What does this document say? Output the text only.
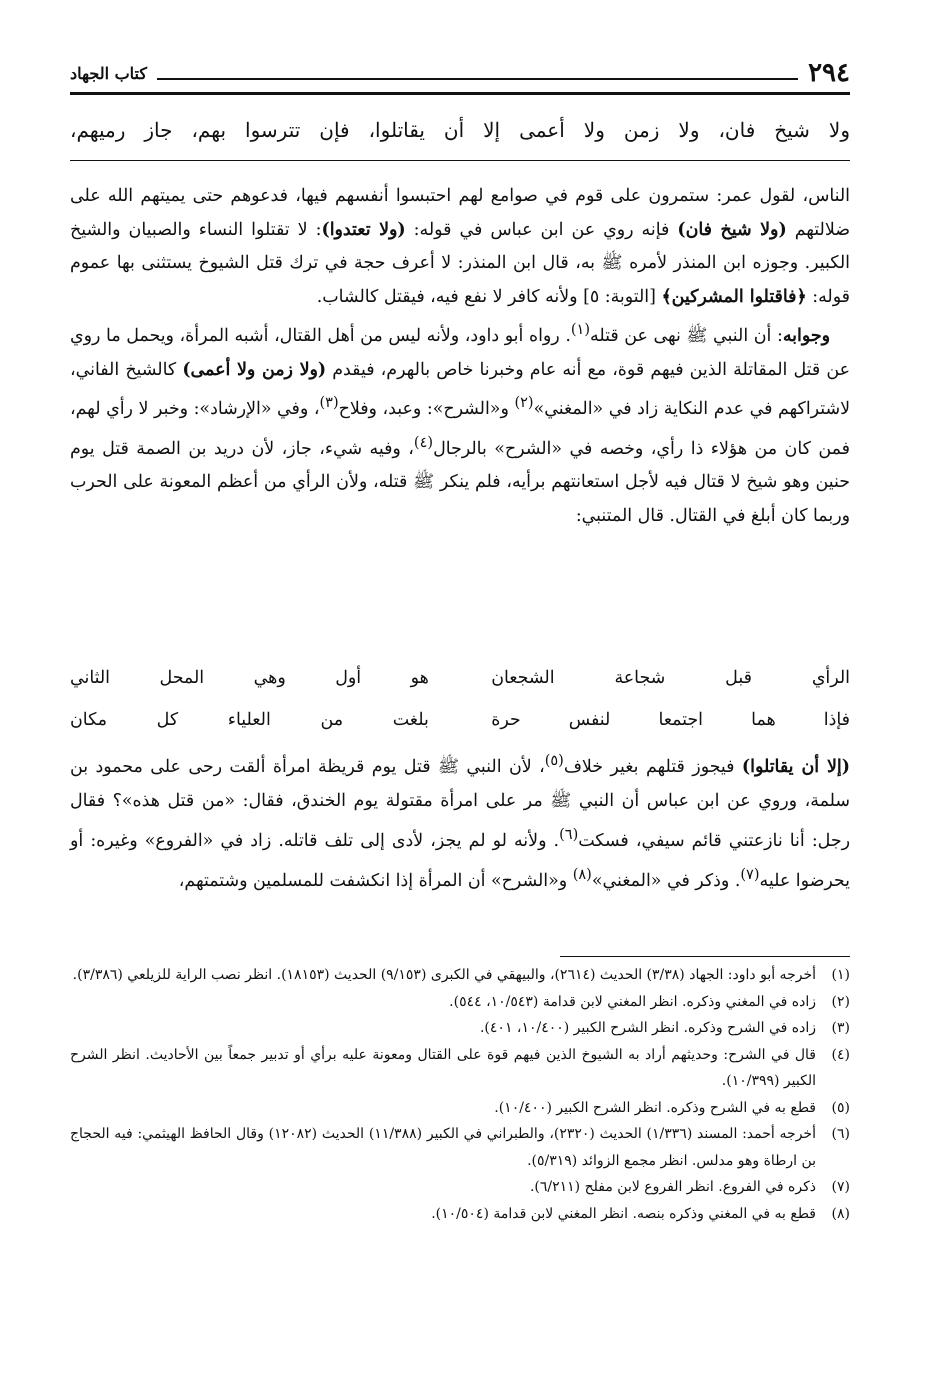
٢٩٤
كتاب الجهاد
ولا شيخ فان، ولا زمن ولا أعمى إلا أن يقاتلوا، فإن تترسوا بهم، جاز رميهم،

الناس، لقول عمر: ستمرون على قوم في صوامع لهم احتبسوا أنفسهم فيها، فدعوهم حتى يميتهم الله على ضلالتهم (ولا شيخ فان) فإنه روي عن ابن عباس في قوله: (ولا تعتدوا): لا تقتلوا النساء والصبيان والشيخ الكبير. وجوزه ابن المنذر لأمره ﷺ به، قال ابن المنذر: لا أعرف حجة في ترك قتل الشيوخ يستثنى بها عموم قوله: ﴿فاقتلوا المشركين﴾ [التوبة: ٥] ولأنه كافر لا نفع فيه، فيقتل كالشاب.

وجوابه: أن النبي ﷺ نهى عن قتله$^{(١)}$. رواه أبو داود، ولأنه ليس من أهل القتال، أشبه المرأة، ويحمل ما روي عن قتل المقاتلة الذين فيهم قوة، مع أنه عام وخبرنا خاص بالهرم، فيقدم (ولا زمن ولا أعمى) كالشيخ الفاني، لاشتراكهم في عدم النكاية زاد في «المغني»$^{(٢)}$ و«الشرح»: وعبد، وفلاح$^{(٣)}$، وفي «الإرشاد»: وخبر لا رأي لهم، فمن كان من هؤلاء ذا رأي، وخصه في «الشرح» بالرجال$^{(٤)}$، وفيه شيء، جاز، لأن دريد بن الصمة قتل يوم حنين وهو شيخ لا قتال فيه لأجل استعانتهم برأيه، فلم ينكر ﷺ قتله، ولأن الرأي من أعظم المعونة على الحرب وربما كان أبلغ في القتال. قال المتنبي:

الرأي قبل شجاعة الشجعان
هو أول وهي المحل الثاني
فإذا هما اجتمعا لنفس حرة
بلغت من العلياء كل مكان

(إلا أن يقاتلوا) فيجوز قتلهم بغير خلاف$^{(٥)}$، لأن النبي ﷺ قتل يوم قريظة امرأة ألقت رحى على محمود بن سلمة، وروي عن ابن عباس أن النبي ﷺ مر على امرأة مقتولة يوم الخندق، فقال: «من قتل هذه»؟ فقال رجل: أنا نازعتني قائم سيفي، فسكت$^{(٦)}$. ولأنه لو لم يجز، لأدى إلى تلف قاتله. زاد في «الفروع» وغيره: أو يحرضوا عليه$^{(٧)}$. وذكر في «المغني»$^{(٨)}$ و«الشرح» أن المرأة إذا انكشفت للمسلمين وشتمتهم،

(١)
أخرجه أبو داود: الجهاد (٣/٣٨) الحديث (٢٦١٤)، والبيهقي في الكبرى (٩/١٥٣) الحديث (١٨١٥٣). انظر نصب الراية للزيلعي (٣/٣٨٦).
(٢)
زاده في المغني وذكره. انظر المغني لابن قدامة (١٠/٥٤٣، ٥٤٤).
(٣)
زاده في الشرح وذكره. انظر الشرح الكبير (١٠/٤٠٠، ٤٠١).
(٤)
قال في الشرح: وحديثهم أراد به الشيوخ الذين فيهم قوة على القتال ومعونة عليه برأي أو تدبير جمعاً بين الأحاديث. انظر الشرح الكبير (١٠/٣٩٩).
(٥)
قطع به في الشرح وذكره. انظر الشرح الكبير (١٠/٤٠٠).
(٦)
أخرجه أحمد: المسند (١/٣٣٦) الحديث (٢٣٢٠)، والطبراني في الكبير (١١/٣٨٨) الحديث (١٢٠٨٢) وقال الحافظ الهيثمي: فيه الحجاج بن ارطاة وهو مدلس. انظر مجمع الزوائد (٥/٣١٩).
(٧)
ذكره في الفروع. انظر الفروع لابن مفلح (٦/٢١١).
(٨)
قطع به في المغني وذكره بنصه. انظر المغني لابن قدامة (١٠/٥٠٤).
